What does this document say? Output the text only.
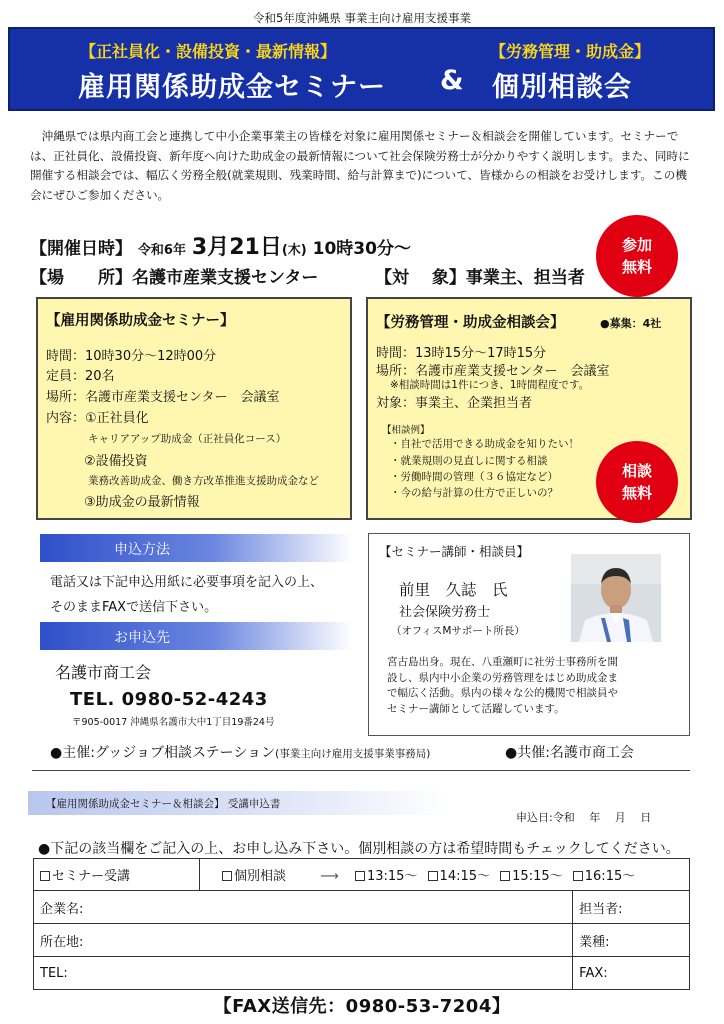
令和5年度沖縄県 事業主向け雇用支援事業
【正社員化・設備投資・最新情報】	【労務管理・助成金】
雇用関係助成金セミナー & 個別相談会
沖縄県では県内商工会と連携して中小企業事業主の皆様を対象に雇用関係セミナー＆相談会を開催しています。セミナーでは、正社員化、設備投資、新年度へ向けた助成金の最新情報について社会保険労務士が分かりやすく説明します。また、同時に開催する相談会では、幅広く労務全般(就業規則、残業時間、給与計算まで)について、皆様からの相談をお受けします。この機会にぜひご参加ください。
【開催日時】 令和6年 3月21日(木) 10時30分～
【場　　所】名護市産業支援センター	【対　 象】事業主、担当者
参加
無料
【雇用関係助成金セミナー】
時間：10時30分～12時00分
定員：20名
場所：名護市産業支援センター　会議室
内容：①正社員化
キャリアアップ助成金（正社員化コース）
②設備投資
業務改善助成金、働き方改革推進支援助成金など
③助成金の最新情報
【労務管理・助成金相談会】	●募集：4社
時間：13時15分～17時15分
場所：名護市産業支援センター　会議室
※相談時間は1件につき、1時間程度です。
対象：事業主、企業担当者
【相談例】
・自社で活用できる助成金を知りたい！
・就業規則の見直しに関する相談
・労働時間の管理（３６協定など）
・今の給与計算の仕方で正しいの？
相談
無料
申込方法
電話又は下記申込用紙に必要事項を記入の上、
そのままFAXで送信下さい。
お申込先
名護市商工会
TEL. 0980-52-4243
〒905-0017 沖縄県名護市大中1丁目19番24号
【セミナー講師・相談員】
前里　久誌　氏
社会保険労務士
（オフィスMサポート所長）
宮古島出身。現在、八重瀬町に社労士事務所を開設し、県内中小企業の労務管理をはじめ助成金まで幅広く活動。県内の様々な公的機関で相談員やセミナー講師として活躍しています。
●主催:グッジョブ相談ステーション(事業主向け雇用支援事業事務局)	●共催:名護市商工会
【雇用関係助成金セミナー＆相談会】 受講申込書
申込日:令和　 年　 月　 日
●下記の該当欄をご記入の上、お申し込み下さい。個別相談の方は希望時間もチェックしてください。
セミナー受講	個別相談 ⟶ 13:15～ 14:15～ 15:15～ 16:15～	
企業名:		担当者:
所在地:		業種:
TEL:		FAX:
【FAX送信先：0980-53-7204】
